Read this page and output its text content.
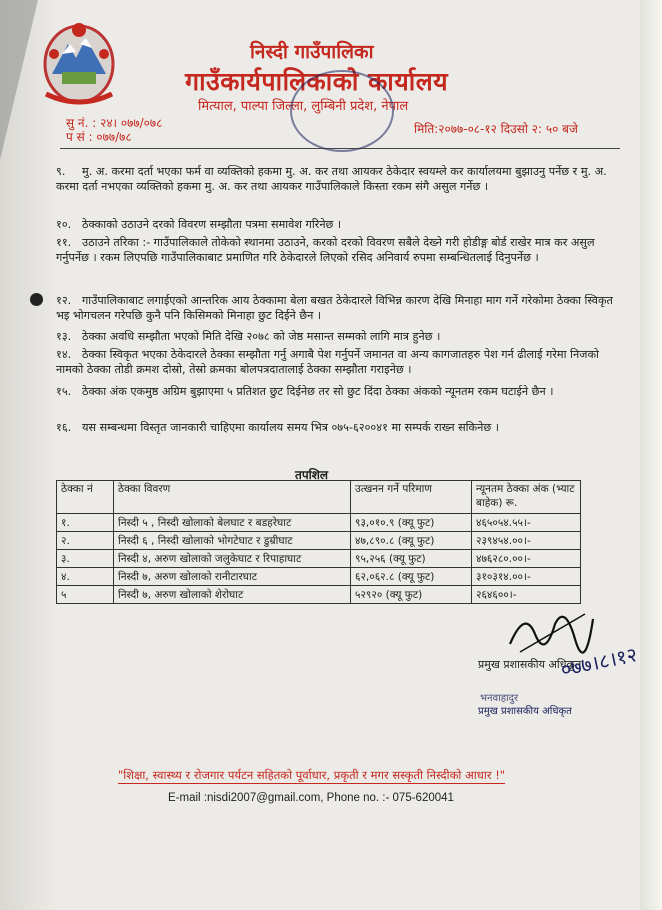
निस्दी गाउँपालिका
गाउँकार्यपालिकाको कार्यालय
मित्याल, पाल्पा जिल्ला, लुम्बिनी प्रदेश, नेपाल
सु नं. : २४। ०७७/०७८
प सं : ०७७/७८
मिति:२०७७-०८-१२ दिउसो २: ५० बजे
९. मु. अ. करमा दर्ता भएका फर्म वा व्यक्तिको हकमा मु. अ. कर तथा आयकर ठेकेदार स्वयम्ले कर कार्यालयमा बुझाउनु पर्नेछ र मु. अ. करमा दर्ता नभएका व्यक्तिको हकमा मु. अ. कर तथा आयकर गाउँपालिकाले किस्ता रकम संगै असुल गर्नेछ ।
१०. ठेक्काको उठाउने दरको विवरण सम्झौता पत्रमा समावेश गरिनेछ ।
११. उठाउने तरिका :- गाउँपालिकाले तोकेको स्थानमा उठाउने, करको दरको विवरण सबैले देख्ने गरी होडीङ्ग बोर्ड राखेर मात्र कर असुल गर्नुपर्नेछ । रकम लिएपछि गाउँपालिकाबाट प्रमाणित गरि ठेकेदारले लिएको रसिद अनिवार्य रुपमा सम्बन्धितलाई दिनुपर्नेछ ।
१२. गाउँपालिकाबाट लगाईएको आन्तरिक आय ठेक्कामा बेला बखत ठेकेदारले विभिन्न कारण देखि मिनाहा माग गर्ने गरेकोमा ठेक्का स्विकृत भइ भोगचलन गरेपछि कुनै पनि किसिमको मिनाहा छुट दिईने छैन ।
१३. ठेक्का अवधि सम्झौता भएको मिति देखि २०७८ को जेष्ठ मसान्त सम्मको लागि मात्र हुनेछ ।
१४. ठेक्का स्विकृत भएका ठेकेदारले ठेक्का सम्झौता गर्नु अगाबै पेश गर्नुपर्ने जमानत वा अन्य कागजातहरु पेश गर्न ढीलाई गरेमा निजको नामको ठेक्का तोडी क्रमश दोस्रो, तेस्रो क्रमका बोलपत्रदातालाई ठेक्का सम्झौता गराइनेछ ।
१५. ठेक्का अंक एकमुष्ठ अग्रिम बुझाएमा ५ प्रतिशत छुट दिईनेछ तर सो छुट दिंदा ठेक्का अंकको न्यूनतम रकम घटाईने छैन ।
१६. यस सम्बन्धमा विस्तृत जानकारी चाहिएमा कार्यालय समय भित्र ०७५-६२००४१ मा सम्पर्क राख्न सकिनेछ ।
तपशिल
ठेक्का नं	ठेक्का विवरण	उत्खनन गर्ने परिमाण	न्यूनतम ठेक्का अंक (भ्याट बाहेक) रू.
१.	निस्दी ५ , निस्दी खोलाको बेलघाट र बडहरेघाट	९३,०१०.९ (क्यू फुट)	४६५०५४.५५।-
२.	निस्दी ६ , निस्दी खोलाको भोगटेघाट र डुम्रीघाट	४७,८९०.८ (क्यू फुट)	२३९४५४.००।-
३.	निस्दी ४, अरुण खोलाको जलुकेघाट र रिपाहाघाट	९५,२५६ (क्यू फुट)	४७६२८०.००।-
४.	निस्दी ७, अरुण खोलाको रानीटारघाट	६२,०६२.८ (क्यू फुट)	३१०३१४.००।-
५	निस्दी ७, अरुण खोलाको शेरोघाट	५२९२० (क्यू फुट)	२६४६००।-
प्रमुख प्रशासकीय अधिकृत
०७७।८।१२
भनवाहादुर
प्रमुख प्रशासकीय अधिकृत
"शिक्षा, स्वास्थ्य र रोजगार पर्यटन सहितको पूर्वाधार, प्रकृती र मगर सस्कृती निस्दीको आधार !"
E-mail :nisdi2007@gmail.com, Phone no. :- 075-620041
